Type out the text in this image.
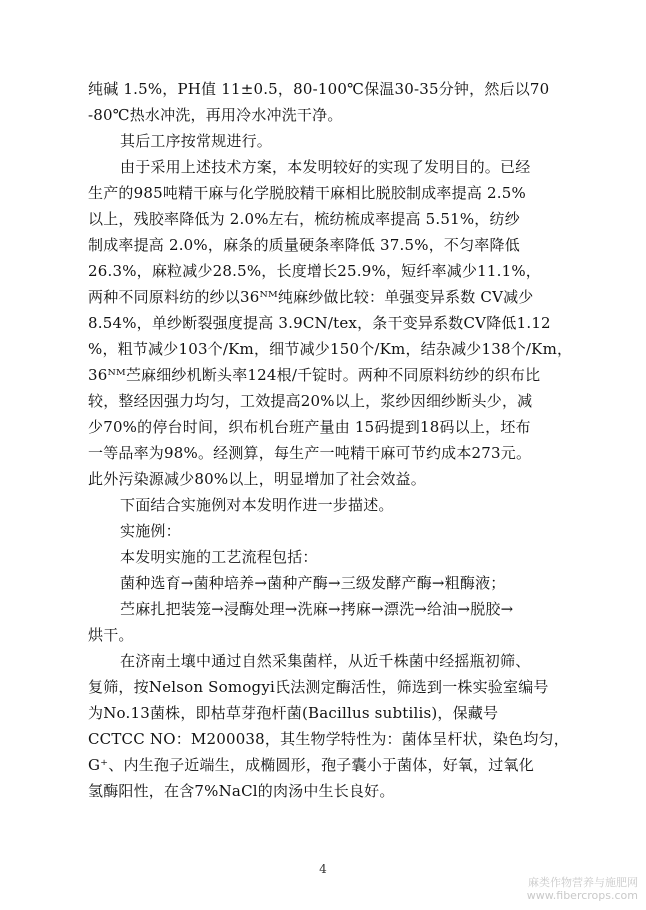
纯碱 1.5%，PH值 11±0.5，80-100℃保温30-35分钟，然后以70
-80℃热水冲洗，再用冷水冲洗干净。
其后工序按常规进行。
由于采用上述技术方案，本发明较好的实现了发明目的。已经
生产的985吨精干麻与化学脱胶精干麻相比脱胶制成率提高 2.5%
以上，残胶率降低为 2.0%左右，梳纺梳成率提高 5.51%，纺纱
制成率提高 2.0%，麻条的质量硬条率降低 37.5%，不匀率降低
26.3%，麻粒减少28.5%，长度增长25.9%，短纤率减少11.1%，
两种不同原料纺的纱以36ᴺᴹ纯麻纱做比较：单强变异系数 CV减少
8.54%，单纱断裂强度提高 3.9CN/tex，条干变异系数CV降低1.12
%，粗节减少103个/Km，细节减少150个/Km，结杂减少138个/Km，
36ᴺᴹ苎麻细纱机断头率124根/千锭时。两种不同原料纺纱的织布比
较，整经因强力均匀，工效提高20%以上，浆纱因细纱断头少，减
少70%的停台时间，织布机台班产量由 15码提到18码以上，坯布
一等品率为98%。经测算，每生产一吨精干麻可节约成本273元。
此外污染源减少80%以上，明显增加了社会效益。
下面结合实施例对本发明作进一步描述。
实施例：
本发明实施的工艺流程包括：
菌种选育→菌种培养→菌种产酶→三级发酵产酶→粗酶液；
苎麻扎把装笼→浸酶处理→洗麻→拷麻→漂洗→给油→脱胶→
烘干。
在济南土壤中通过自然采集菌样，从近千株菌中经摇瓶初筛、
复筛，按Nelson Somogyi氏法测定酶活性，筛选到一株实验室编号
为No.13菌株，即枯草芽孢杆菌(Bacillus subtilis)，保藏号
CCTCC NO：M200038，其生物学特性为：菌体呈杆状，染色均匀，
G⁺、内生孢子近端生，成椭圆形，孢子囊小于菌体，好氧，过氧化
氢酶阳性，在含7%NaCl的肉汤中生长良好。
4
麻类作物营养与施肥网
www.fibercrops.com
